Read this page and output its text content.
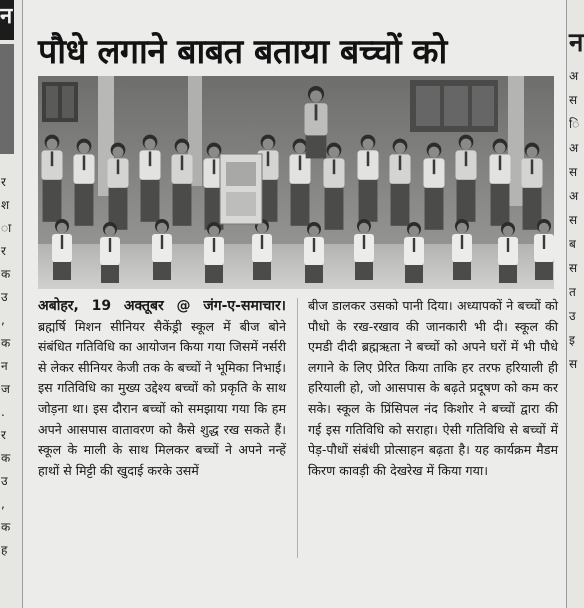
न
र
श
ा
र
क
उ
,
क
न
ज
.
र
क
उ
,
क
ह
न
अ
स
ि
अ
स
अ
स
ब
स
त
उ
इ
स
पौधे लगाने बाबत बताया बच्चों को

अबोहर, 19 अक्तूबर @ जंग-ए-समाचार। ब्रह्मर्षि मिशन सीनियर सैकेंड्री स्कूल में बीज बोने संबंधित गतिविधि का आयोजन किया गया जिसमें नर्सरी से लेकर सीनियर केजी तक के बच्चों ने भूमिका निभाई। इस गतिविधि का मुख्य उद्देश्य बच्चों को प्रकृति के साथ जोड़ना था। इस दौरान बच्चों को समझाया गया कि हम अपने आसपास वातावरण को कैसे शुद्ध रख सकते हैं। स्कूल के माली के साथ मिलकर बच्चों ने अपने नन्हें हाथों से मिट्टी की खुदाई करके उसमें

बीज डालकर उसको पानी दिया। अध्यापकों ने बच्चों को पौधो के रख-रखाव की जानकारी भी दी। स्कूल की एमडी दीदी ब्रह्मऋता ने बच्चों को अपने घरों में भी पौधे लगाने के लिए प्रेरित किया ताकि हर तरफ हरियाली ही हरियाली हो, जो आसपास के बढ़ते प्रदूषण को कम कर सके। स्कूल के प्रिंसिपल नंद किशोर ने बच्चों द्वारा की गई इस गतिविधि को सराहा। ऐसी गतिविधि से बच्चों में पेड़-पौधों संबंधी प्रोत्साहन बढ़ता है। यह कार्यक्रम मैडम किरण कावड़ी की देखरेख में किया गया।
